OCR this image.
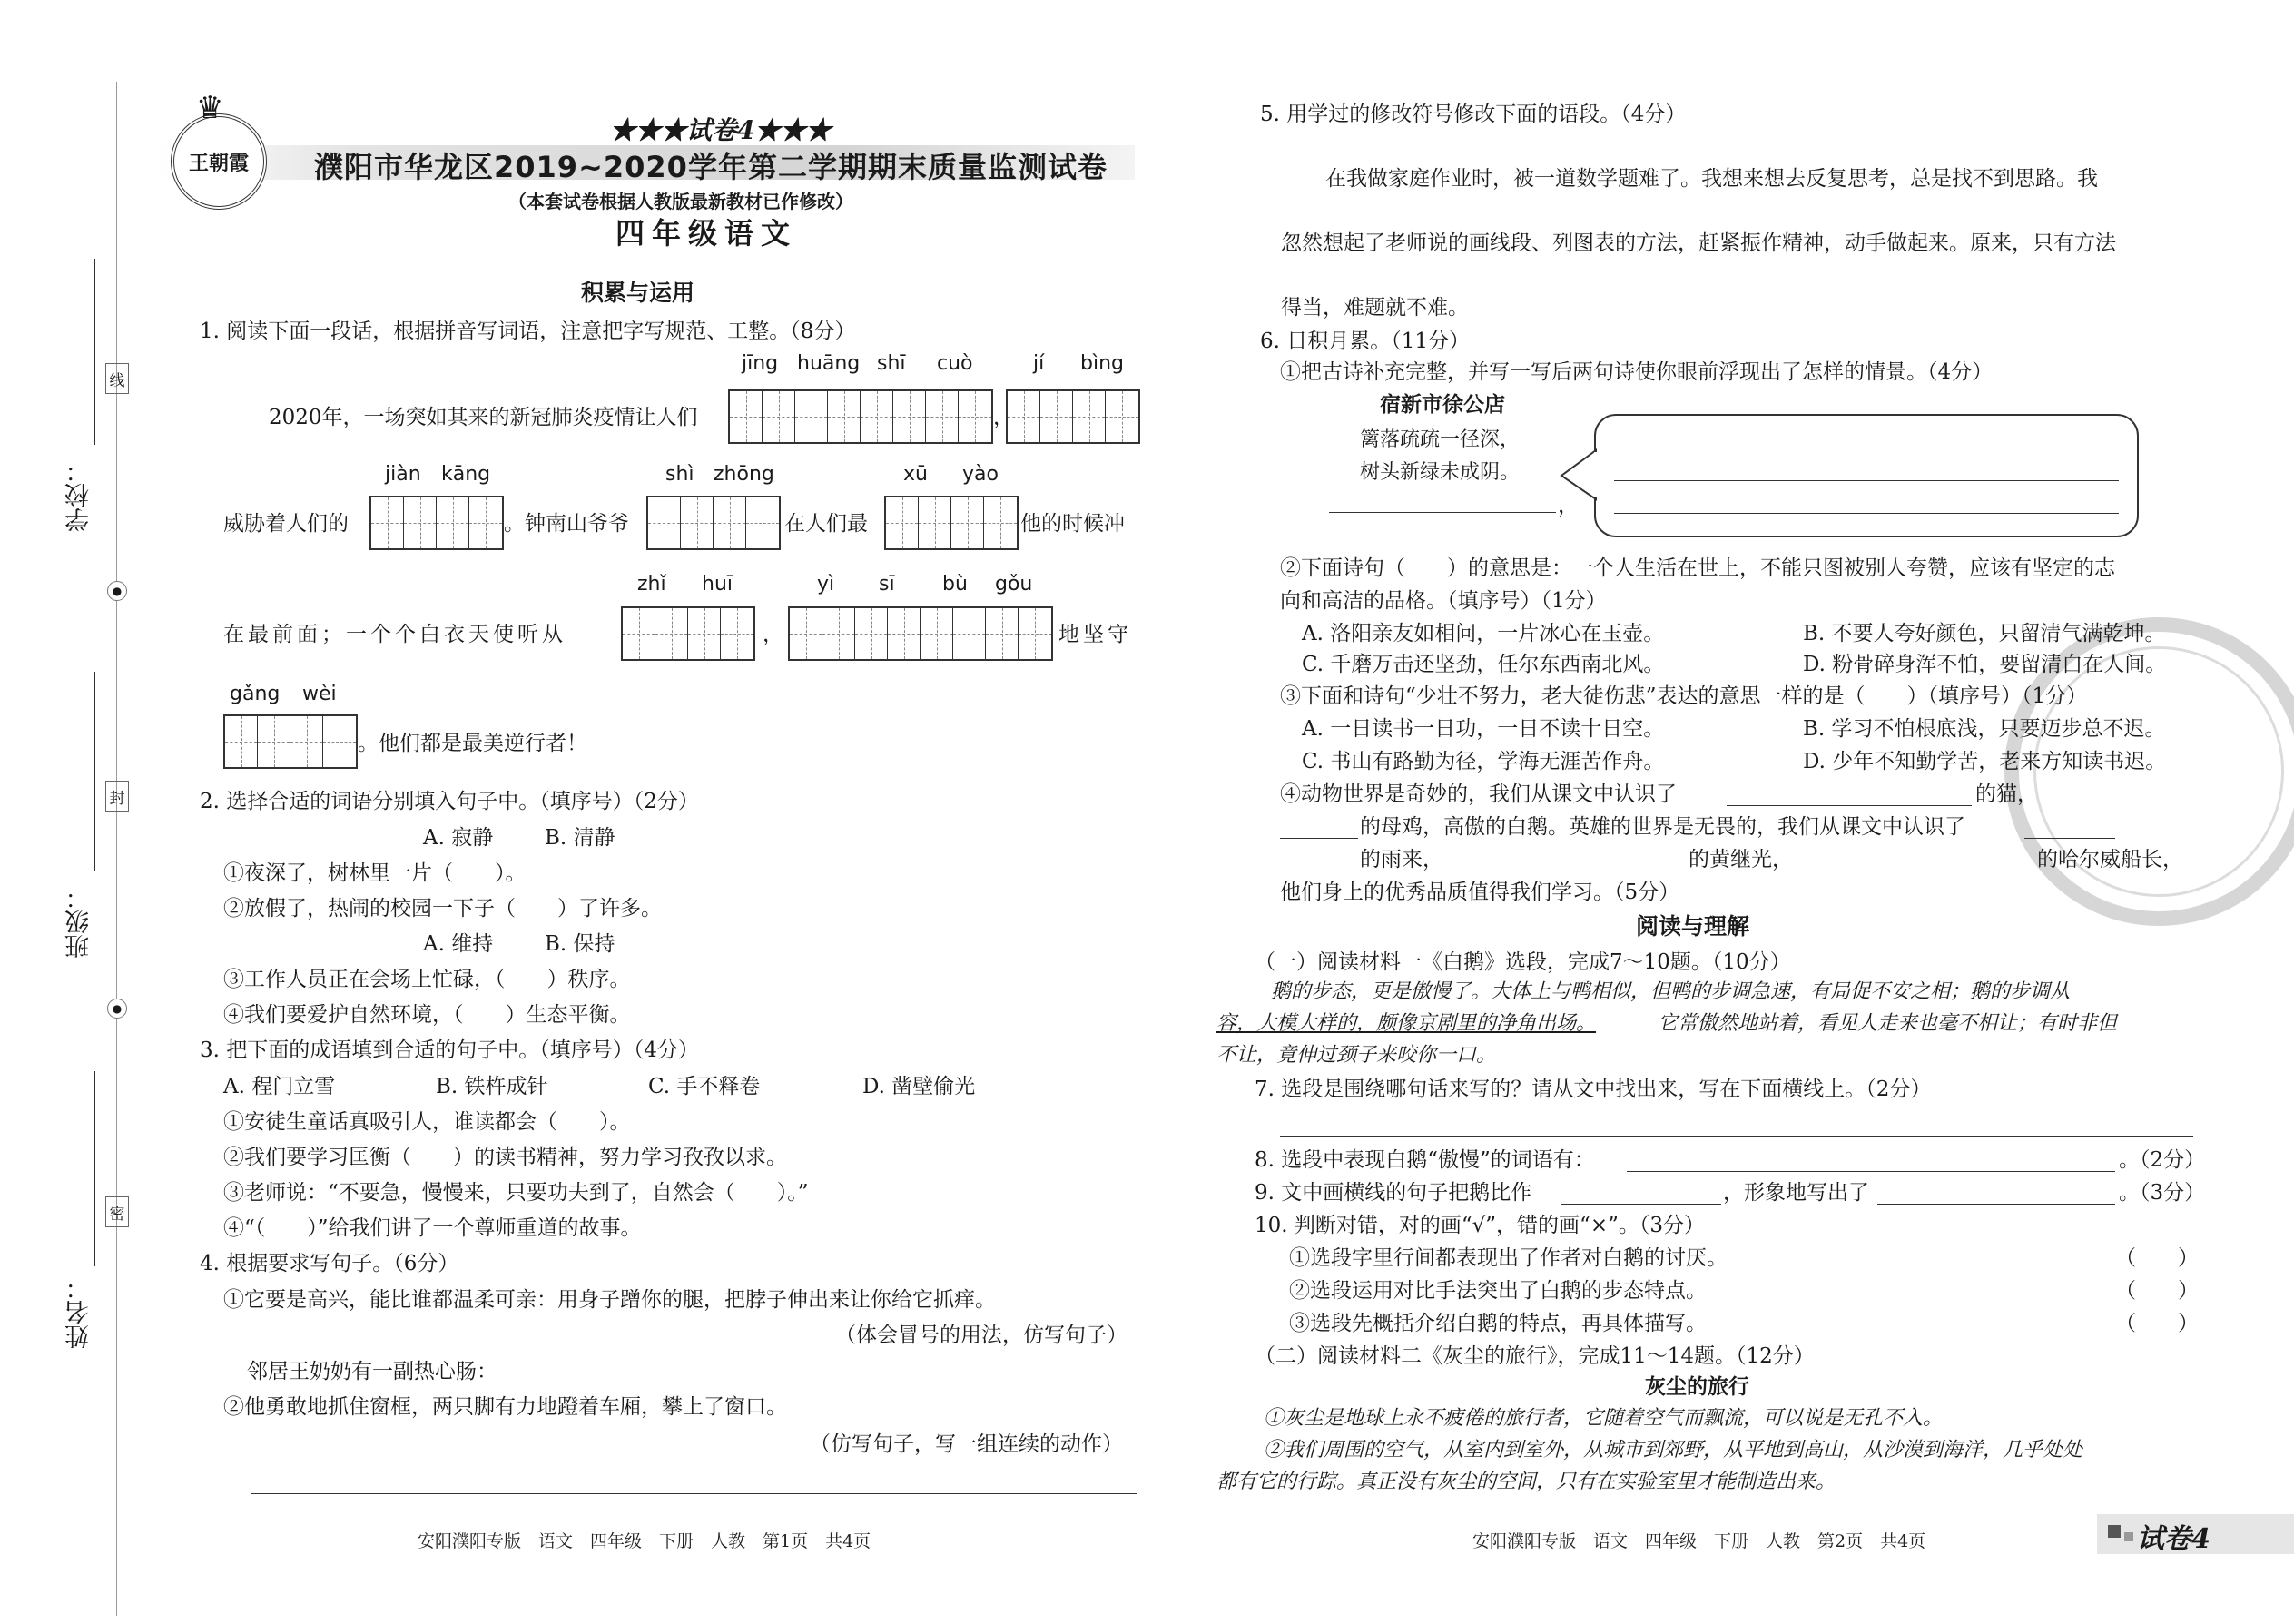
学校：
班级：
姓名：
线
封
密
●
●
王朝霞
♛
★★★试卷4★★★
濮阳市华龙区2019~2020学年第二学期期末质量监测试卷
（本套试卷根据人教版最新教材已作修改）
四年级语文
积累与运用
1. 阅读下面一段话，根据拼音写词语，注意把字写规范、工整。（8分）
jīng huāng shī cuò	jí bìng
2020年，一场突如其来的新冠肺炎疫情让人们	，
jiàn kāng	shì zhōng	xū yào
威胁着人们的	。钟南山爷爷	在人们最	他的时候冲
zhǐ huī	yì sī bù gǒu
在最前面；一个个白衣天使听从	，	地坚守
gǎng wèi
。他们都是最美逆行者！
2. 选择合适的词语分别填入句子中。（填序号）（2分）
A. 寂静 B. 清静
①夜深了，树林里一片（　　）。
②放假了，热闹的校园一下子（　　）了许多。
A. 维持 B. 保持
③工作人员正在会场上忙碌，（　　）秩序。
④我们要爱护自然环境，（　　）生态平衡。
3. 把下面的成语填到合适的句子中。（填序号）（4分）
A. 程门立雪	B. 铁杵成针	C. 手不释卷	D. 凿壁偷光
①安徒生童话真吸引人，谁读都会（　　）。
②我们要学习匡衡（　　）的读书精神，努力学习孜孜以求。
③老师说：“不要急，慢慢来，只要功夫到了，自然会（　　）。”
④“（　　）”给我们讲了一个尊师重道的故事。
4. 根据要求写句子。（6分）
①它要是高兴，能比谁都温柔可亲：用身子蹭你的腿，把脖子伸出来让你给它抓痒。
（体会冒号的用法，仿写句子）
邻居王奶奶有一副热心肠：
②他勇敢地抓住窗框，两只脚有力地蹬着车厢，攀上了窗口。
（仿写句子，写一组连续的动作）
安阳濮阳专版　语文　四年级　下册　人教　第1页　共4页
5. 用学过的修改符号修改下面的语段。（4分）
在我做家庭作业时，被一道数学题难了。我想来想去反复思考，总是找不到思路。我
忽然想起了老师说的画线段、列图表的方法，赶紧振作精神，动手做起来。原来，只有方法
得当，难题就不难。
6. 日积月累。（11分）
①把古诗补充完整，并写一写后两句诗使你眼前浮现出了怎样的情景。（4分）
宿新市徐公店
篱落疏疏一径深，
树头新绿未成阴。
，
②下面诗句（　　）的意思是：一个人生活在世上，不能只图被别人夸赞，应该有坚定的志
向和高洁的品格。（填序号）（1分）
A. 洛阳亲友如相问，一片冰心在玉壶。	B. 不要人夸好颜色，只留清气满乾坤。
C. 千磨万击还坚劲，任尔东西南北风。	D. 粉骨碎身浑不怕，要留清白在人间。
③下面和诗句“少壮不努力，老大徒伤悲”表达的意思一样的是（　　）（填序号）（1分）
A. 一日读书一日功，一日不读十日空。	B. 学习不怕根底浅，只要迈步总不迟。
C. 书山有路勤为径，学海无涯苦作舟。	D. 少年不知勤学苦，老来方知读书迟。
④动物世界是奇妙的，我们从课文中认识了	的猫，
的母鸡，高傲的白鹅。英雄的世界是无畏的，我们从课文中认识了
的雨来，	的黄继光，	的哈尔威船长，
他们身上的优秀品质值得我们学习。（5分）
阅读与理解
（一）阅读材料一《白鹅》选段，完成7～10题。（10分）
鹅的步态，更是傲慢了。大体上与鸭相似，但鸭的步调急速，有局促不安之相；鹅的步调从
容，大模大样的，颇像京剧里的净角出场。	它常傲然地站着，看见人走来也毫不相让；有时非但
不让，竟伸过颈子来咬你一口。
7. 选段是围绕哪句话来写的？请从文中找出来，写在下面横线上。（2分）
8. 选段中表现白鹅“傲慢”的词语有：	。（2分）
9. 文中画横线的句子把鹅比作	，形象地写出了	。（3分）
10. 判断对错，对的画“√”，错的画“×”。（3分）
①选段字里行间都表现出了作者对白鹅的讨厌。	（　　）
②选段运用对比手法突出了白鹅的步态特点。	（　　）
③选段先概括介绍白鹅的特点，再具体描写。	（　　）
（二）阅读材料二《灰尘的旅行》，完成11～14题。（12分）
灰尘的旅行
①灰尘是地球上永不疲倦的旅行者，它随着空气而飘流，可以说是无孔不入。
②我们周围的空气，从室内到室外，从城市到郊野，从平地到高山，从沙漠到海洋，几乎处处
都有它的行踪。真正没有灰尘的空间，只有在实验室里才能制造出来。
安阳濮阳专版　语文　四年级　下册　人教　第2页　共4页	试卷4
